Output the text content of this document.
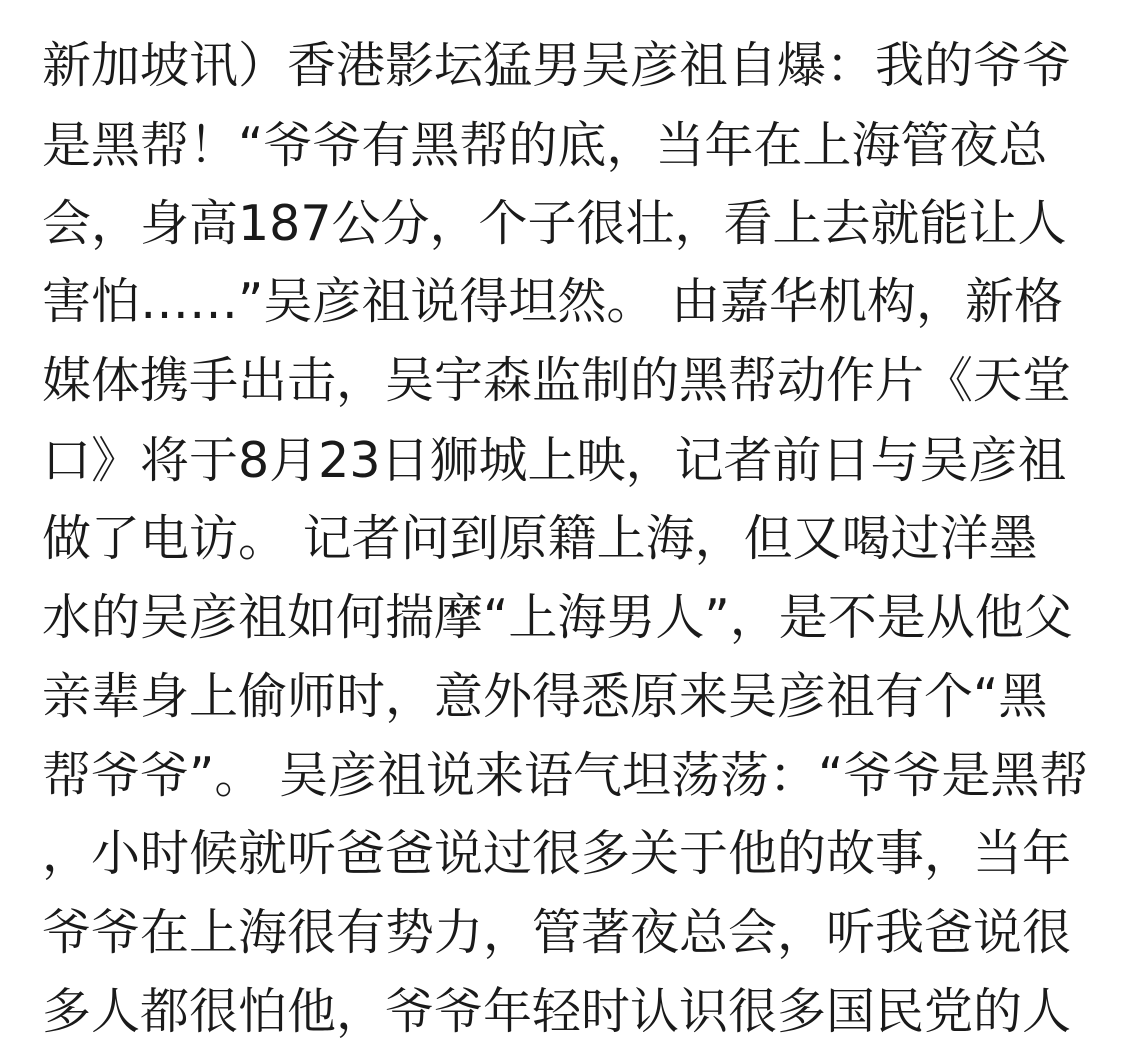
新加坡讯）香港影坛猛男吴彦祖自爆：我的爷爷
是黑帮！“爷爷有黑帮的底，当年在上海管夜总
会，身高187公分，个子很壮，看上去就能让人
害怕……”吴彦祖说得坦然。 由嘉华机构，新格
媒体携手出击，吴宇森监制的黑帮动作片《天堂
口》将于8月23日狮城上映，记者前日与吴彦祖
做了电访。 记者问到原籍上海，但又喝过洋墨
水的吴彦祖如何揣摩“上海男人”，是不是从他父
亲辈身上偷师时，意外得悉原来吴彦祖有个“黑
帮爷爷”。 吴彦祖说来语气坦荡荡：“爷爷是黑帮
，小时候就听爸爸说过很多关于他的故事，当年
爷爷在上海很有势力，管著夜总会，听我爸说很
多人都很怕他，爷爷年轻时认识很多国民党的人
